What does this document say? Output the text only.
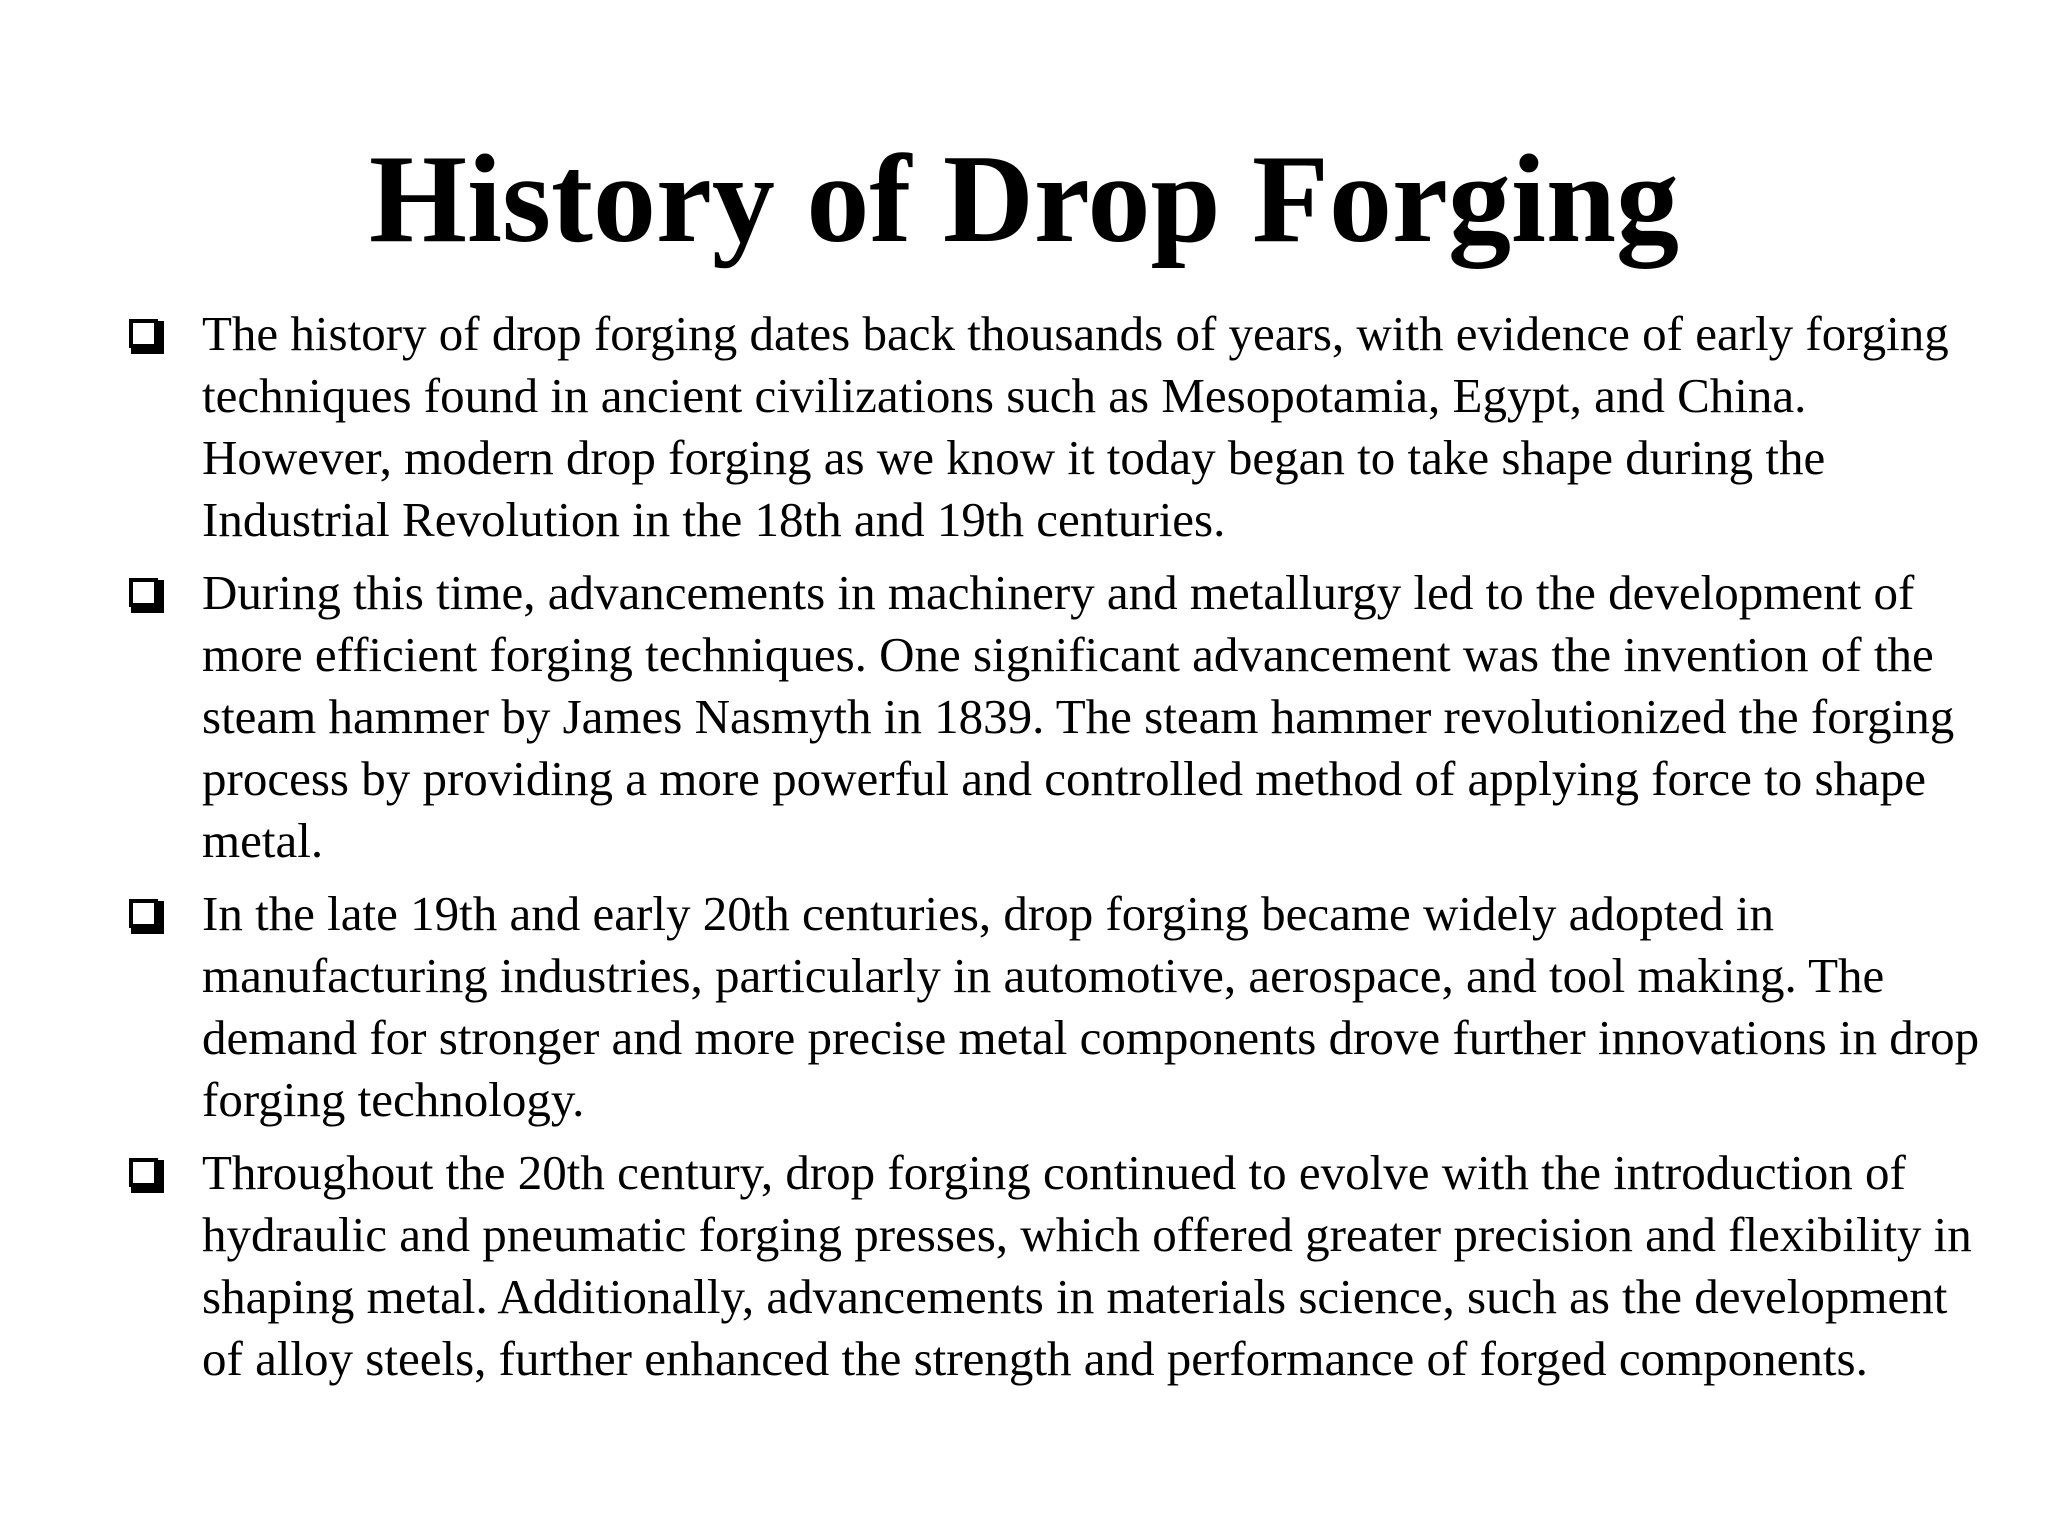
History of Drop Forging
The history of drop forging dates back thousands of years, with evidence of early forging techniques found in ancient civilizations such as Mesopotamia, Egypt, and China. However, modern drop forging as we know it today began to take shape during the Industrial Revolution in the 18th and 19th centuries.
During this time, advancements in machinery and metallurgy led to the development of more efficient forging techniques. One significant advancement was the invention of the steam hammer by James Nasmyth in 1839. The steam hammer revolutionized the forging process by providing a more powerful and controlled method of applying force to shape metal.
In the late 19th and early 20th centuries, drop forging became widely adopted in manufacturing industries, particularly in automotive, aerospace, and tool making. The demand for stronger and more precise metal components drove further innovations in drop forging technology.
Throughout the 20th century, drop forging continued to evolve with the introduction of hydraulic and pneumatic forging presses, which offered greater precision and flexibility in shaping metal. Additionally, advancements in materials science, such as the development of alloy steels, further enhanced the strength and performance of forged components.
